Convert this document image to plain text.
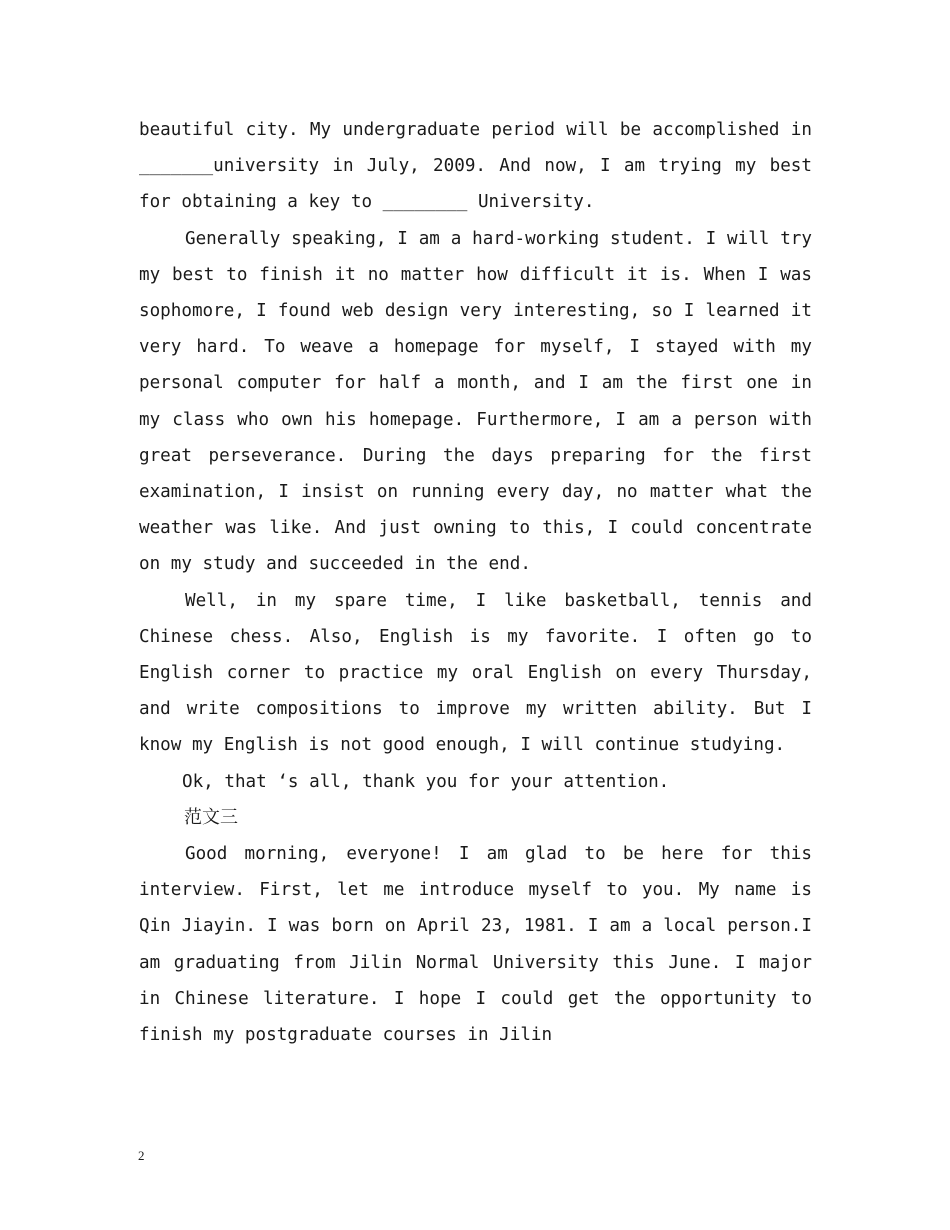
beautiful city. My undergraduate period will be accomplished in _______university in July, 2009. And now, I am trying my best for obtaining a key to ________ University.

Generally speaking, I am a hard-working student. I will try my best to finish it no matter how difficult it is. When I was sophomore, I found web design very interesting, so I learned it very hard. To weave a homepage for myself, I stayed with my personal computer for half a month, and I am the first one in my class who own his homepage. Furthermore, I am a person with great perseverance. During the days preparing for the first examination, I insist on running every day, no matter what the weather was like. And just owning to this, I could concentrate on my study and succeeded in the end.

Well, in my spare time, I like basketball, tennis and Chinese chess. Also, English is my favorite. I often go to English corner to practice my oral English on every Thursday, and write compositions to improve my written ability. But I know my English is not good enough, I will continue studying.

Ok, that ‘s all, thank you for your attention.

范文三

Good morning, everyone! I am glad to be here for this interview. First, let me introduce myself to you. My name is Qin Jiayin. I was born on April 23, 1981. I am a local person.I am graduating from Jilin Normal University this June. I major in Chinese literature. I hope I could get the opportunity to finish my postgraduate courses in Jilin

2
